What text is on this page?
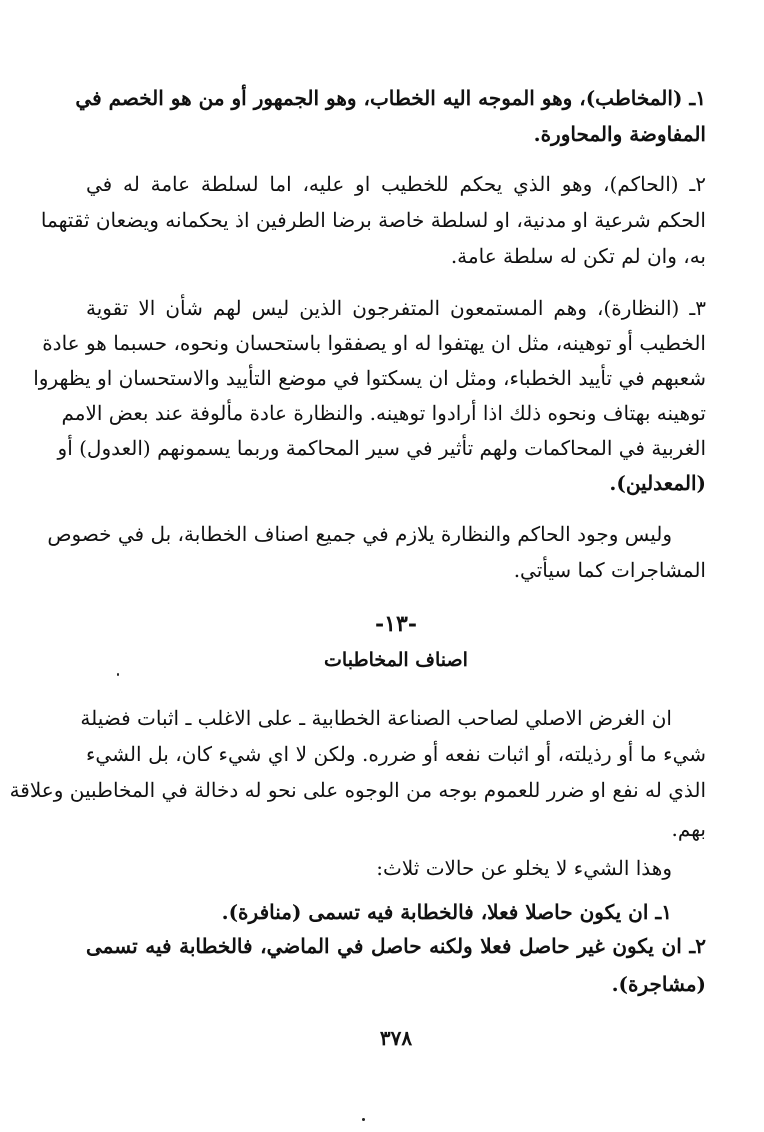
١ـ (المخاطب)، وهو الموجه اليه الخطاب، وهو الجمهور أو من هو الخصم في
المفاوضة والمحاورة.
٢ـ (الحاكم)، وهو الذي يحكم للخطيب او عليه، اما لسلطة عامة له في
الحكم شرعية او مدنية، او لسلطة خاصة برضا الطرفين اذ يحكمانه ويضعان ثقتهما
به، وان لم تكن له سلطة عامة.
٣ـ (النظارة)، وهم المستمعون المتفرجون الذين ليس لهم شأن الا تقوية
الخطيب أو توهينه، مثل ان يهتفوا له او يصفقوا باستحسان ونحوه، حسبما هو عادة
شعبهم في تأييد الخطباء، ومثل ان يسكتوا في موضع التأييد والاستحسان او يظهروا
توهينه بهتاف ونحوه ذلك اذا أرادوا توهينه. والنظارة عادة مألوفة عند بعض الامم
الغربية في المحاكمات ولهم تأثير في سير المحاكمة وربما يسمونهم (العدول) أو
(المعدلين).
وليس وجود الحاكم والنظارة يلازم في جميع اصناف الخطابة، بل في خصوص
المشاجرات كما سيأتي.
-١٣-
اصناف المخاطبات
ان الغرض الاصلي لصاحب الصناعة الخطابية ـ على الاغلب ـ اثبات فضيلة
شيء ما أو رذيلته، أو اثبات نفعه أو ضرره. ولكن لا اي شيء كان، بل الشيء
الذي له نفع او ضرر للعموم بوجه من الوجوه على نحو له دخالة في المخاطبين وعلاقة
بهم.
وهذا الشيء لا يخلو عن حالات ثلاث:
١ـ ان يكون حاصلا فعلا، فالخطابة فيه تسمى (منافرة).
٢ـ ان يكون غير حاصل فعلا ولكنه حاصل في الماضي، فالخطابة فيه تسمى
(مشاجرة).
٣٧٨
